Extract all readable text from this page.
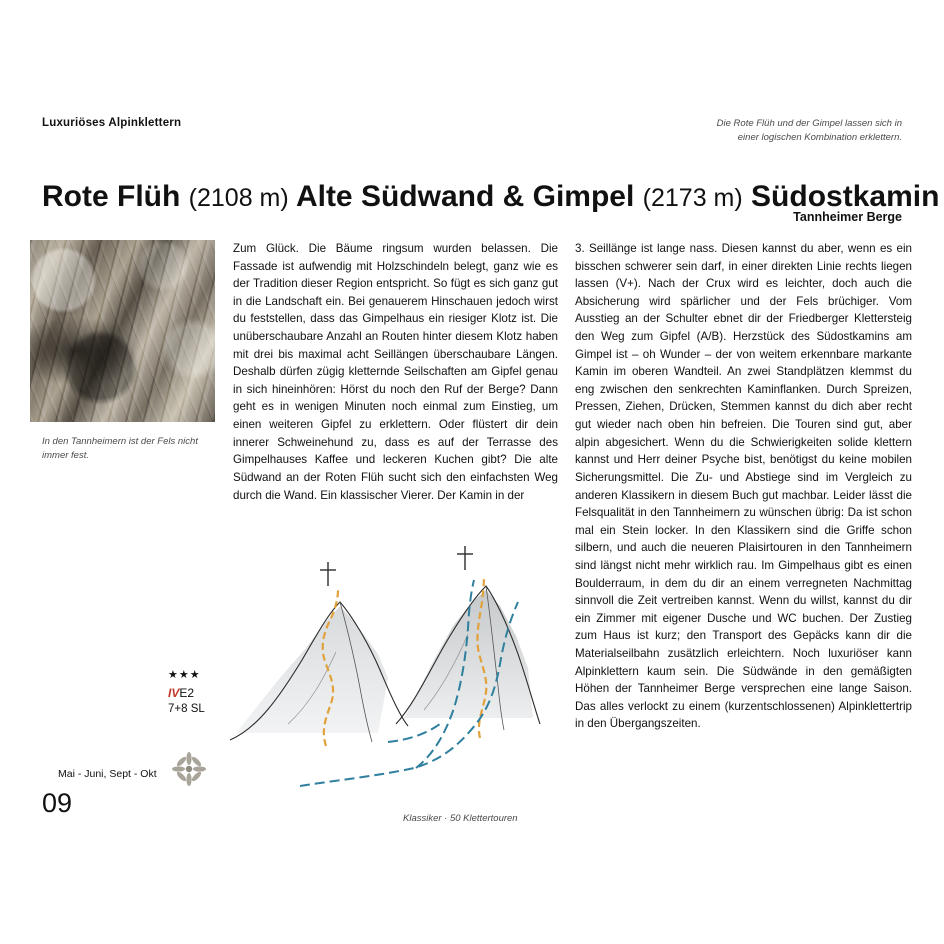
Luxuriöses Alpinklettern	Die Rote Flüh und der Gimpel lassen sich in einer logischen Kombination erklettern.
Rote Flüh (2108 m) Alte Südwand & Gimpel (2173 m) Südostkamin
Tannheimer Berge
In den Tannheimern ist der Fels nicht immer fest.

Zum Glück. Die Bäume ringsum wurden belassen. Die Fassade ist aufwendig mit Holzschindeln belegt, ganz wie es der Tradition dieser Region entspricht. So fügt es sich ganz gut in die Landschaft ein. Bei genauerem Hinschauen jedoch wirst du feststellen, dass das Gimpelhaus ein riesiger Klotz ist. Die unüberschaubare Anzahl an Routen hinter diesem Klotz haben mit drei bis maximal acht Seillängen überschaubare Längen. Deshalb dürfen zügig kletternde Seilschaften am Gipfel genau in sich hineinhören: Hörst du noch den Ruf der Berge? Dann geht es in wenigen Minuten noch einmal zum Einstieg, um einen weiteren Gipfel zu erklettern. Oder flüstert dir dein innerer Schweinehund zu, dass es auf der Terrasse des Gimpelhauses Kaffee und leckeren Kuchen gibt? Die alte Südwand an der Roten Flüh sucht sich den einfachsten Weg durch die Wand. Ein klassischer Vierer. Der Kamin in der

3. Seillänge ist lange nass. Diesen kannst du aber, wenn es ein bisschen schwerer sein darf, in einer direkten Linie rechts liegen lassen (V+). Nach der Crux wird es leichter, doch auch die Absicherung wird spärlicher und der Fels brüchiger. Vom Ausstieg an der Schulter ebnet dir der Friedberger Klettersteig den Weg zum Gipfel (A/B). Herzstück des Südostkamins am Gimpel ist – oh Wunder – der von weitem erkennbare markante Kamin im oberen Wandteil. An zwei Standplätzen klemmst du eng zwischen den senkrechten Kaminflanken. Durch Spreizen, Pressen, Ziehen, Drücken, Stemmen kannst du dich aber recht gut wieder nach oben hin befreien. Die Touren sind gut, aber alpin abgesichert. Wenn du die Schwierigkeiten solide klettern kannst und Herr deiner Psyche bist, benötigst du keine mobilen Sicherungsmittel. Die Zu- und Abstiege sind im Vergleich zu anderen Klassikern in diesem Buch gut machbar. Leider lässt die Felsqualität in den Tannheimern zu wünschen übrig: Da ist schon mal ein Stein locker. In den Klassikern sind die Griffe schon silbern, und auch die neueren Plaisirtouren in den Tannheimern sind längst nicht mehr wirklich rau. Im Gimpelhaus gibt es einen Boulderraum, in dem du dir an einem verregneten Nachmittag sinnvoll die Zeit vertreiben kannst. Wenn du willst, kannst du dir ein Zimmer mit eigener Dusche und WC buchen. Der Zustieg zum Haus ist kurz; den Transport des Gepäcks kann dir die Materialseilbahn zusätzlich erleichtern. Noch luxuriöser kann Alpinklettern kaum sein. Die Südwände in den gemäßigten Höhen der Tannheimer Berge versprechen eine lange Saison. Das alles verlockt zu einem (kurzentschlossenen) Alpinklettertrip in den Übergangszeiten.

★★★
IVE2
7+8 SL
Mai - Juni, Sept - Okt
09
Klassiker · 50 Klettertouren
